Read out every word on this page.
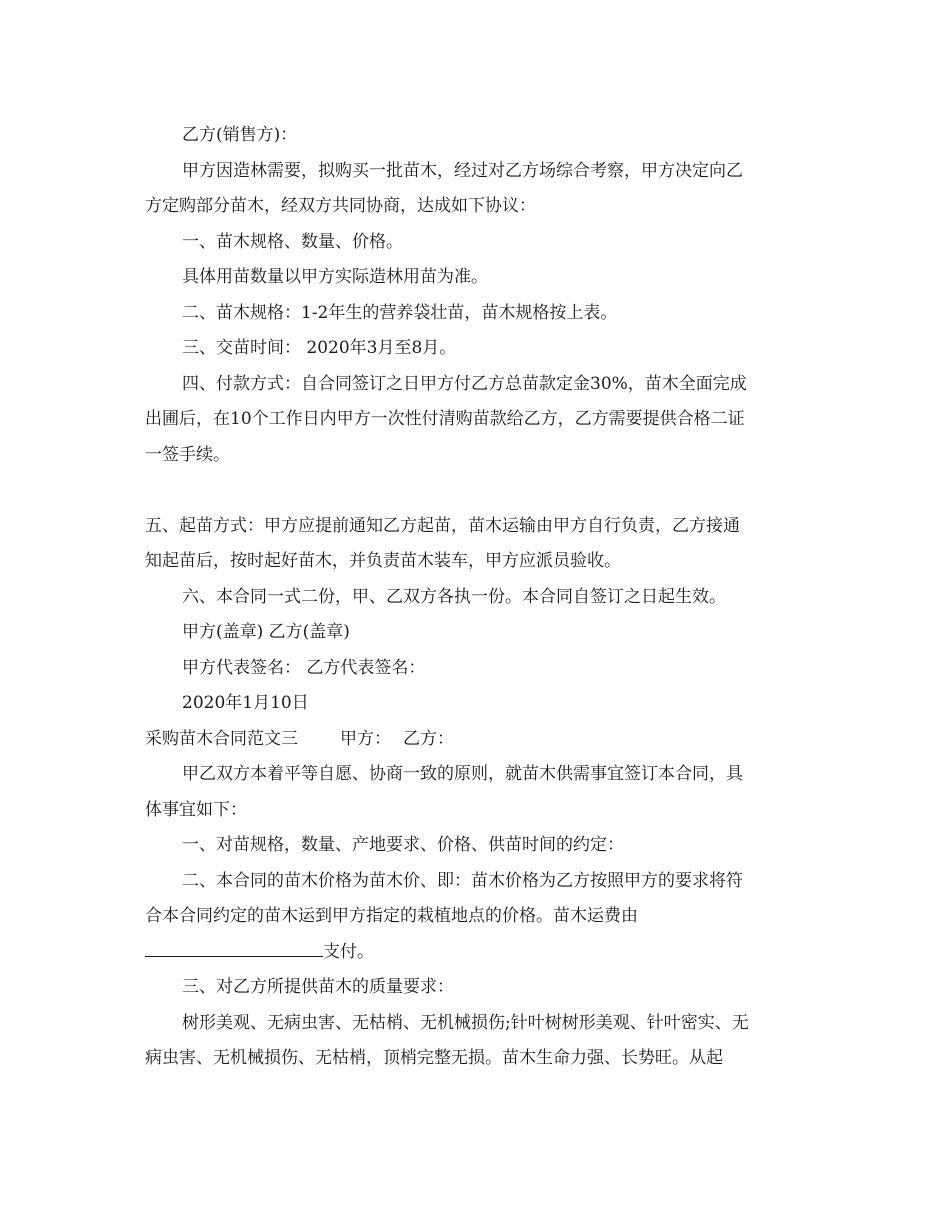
乙方(销售方)：

甲方因造林需要，拟购买一批苗木，经过对乙方场综合考察，甲方决定向乙

方定购部分苗木，经双方共同协商，达成如下协议：

一、苗木规格、数量、价格。

具体用苗数量以甲方实际造林用苗为准。

二、苗木规格：1-2年生的营养袋壮苗，苗木规格按上表。

三、交苗时间： 2020年3月至8月。

四、付款方式：自合同签订之日甲方付乙方总苗款定金30%，苗木全面完成

出圃后，在10个工作日内甲方一次性付清购苗款给乙方，乙方需要提供合格二证

一签手续。

五、起苗方式：甲方应提前通知乙方起苗，苗木运输由甲方自行负责，乙方接通

知起苗后，按时起好苗木，并负责苗木装车，甲方应派员验收。

六、本合同一式二份，甲、乙双方各执一份。本合同自签订之日起生效。

甲方(盖章) 乙方(盖章)

甲方代表签名： 乙方代表签名：

2020年1月10日

采购苗木合同范文三 甲方： 乙方：

甲乙双方本着平等自愿、协商一致的原则，就苗木供需事宜签订本合同，具

体事宜如下：

一、对苗规格，数量、产地要求、价格、供苗时间的约定：

二、本合同的苗木价格为苗木价、即：苗木价格为乙方按照甲方的要求将符

合本合同约定的苗木运到甲方指定的栽植地点的价格。苗木运费由

支付。

三、对乙方所提供苗木的质量要求：

树形美观、无病虫害、无枯梢、无机械损伤;针叶树树形美观、针叶密实、无

病虫害、无机械损伤、无枯梢，顶梢完整无损。苗木生命力强、长势旺。从起
